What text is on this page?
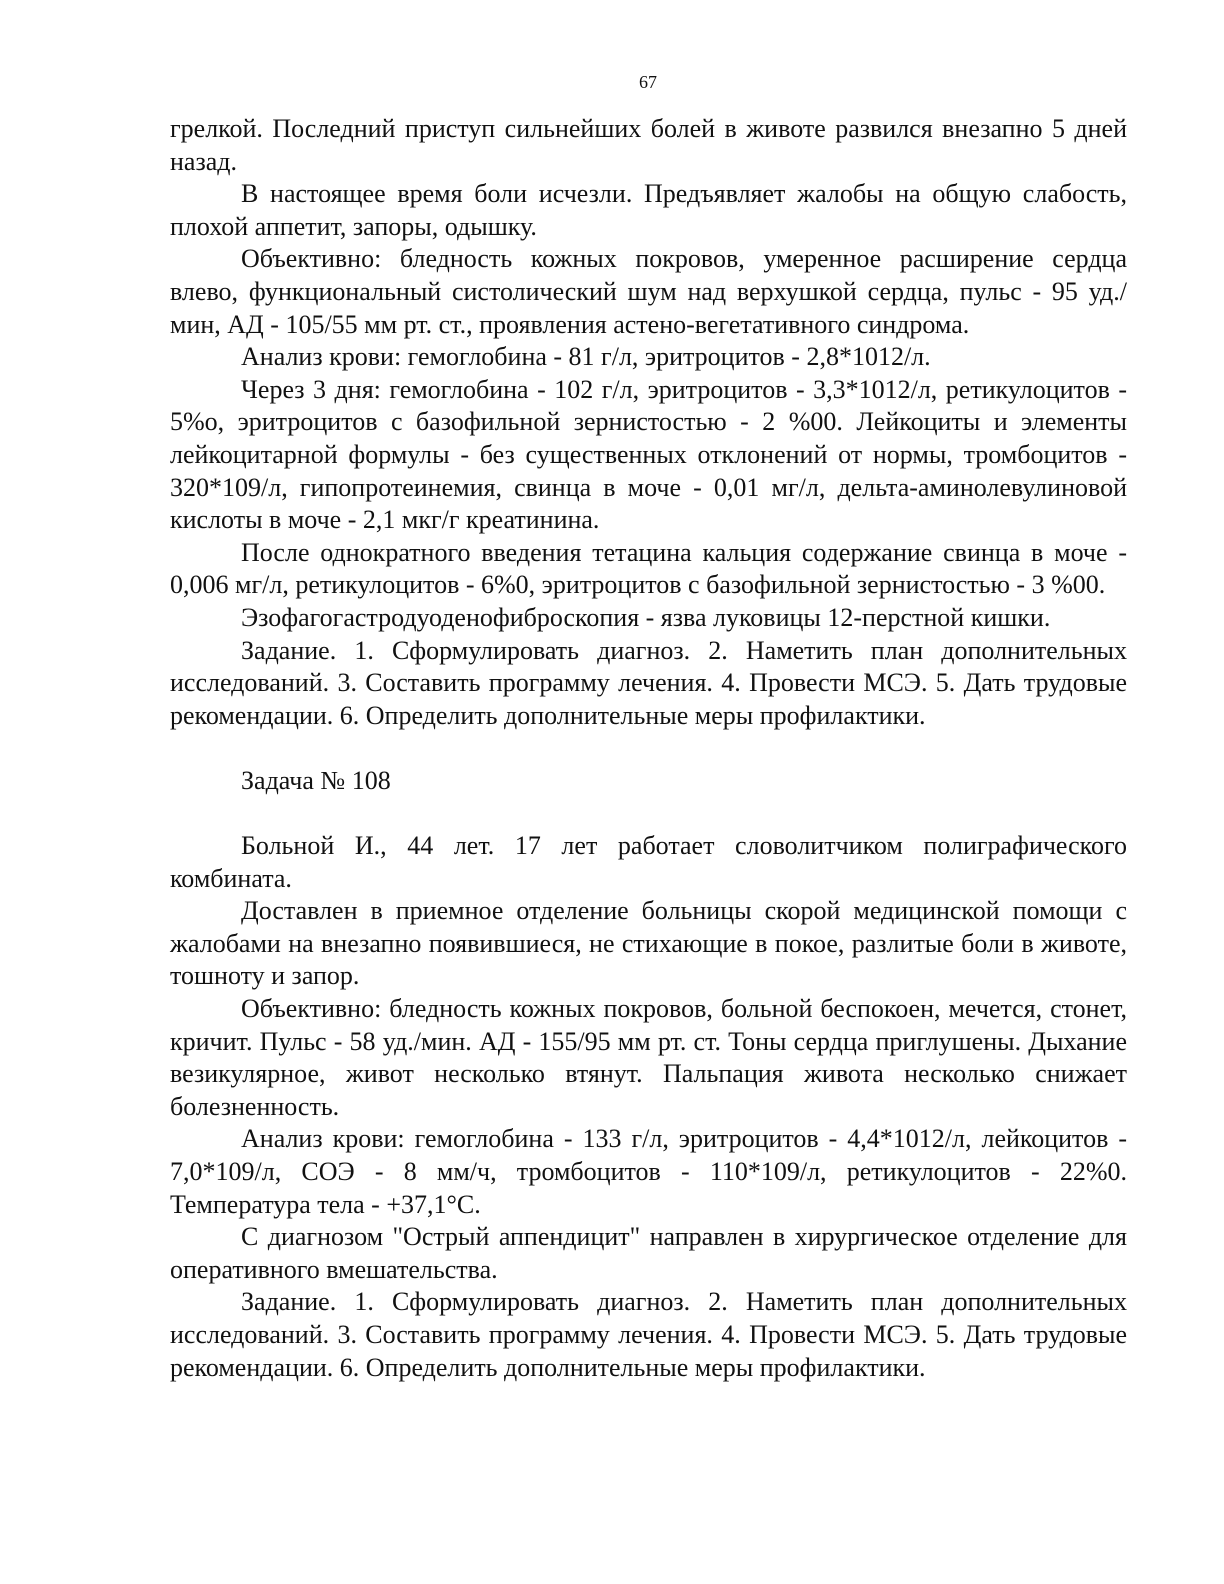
67

грелкой. Последний приступ сильнейших болей в животе развился внезапно 5 дней назад.

В настоящее время боли исчезли. Предъявляет жалобы на общую слабость, плохой аппетит, запоры, одышку.

Объективно: бледность кожных покровов, умеренное расширение сердца влево, функциональный систолический шум над верхушкой сердца, пульс - 95 уд./мин, АД - 105/55 мм рт. ст., проявления астено-вегетативного синдрома.

Анализ крови: гемоглобина - 81 г/л, эритроцитов - 2,8*1012/л.

Через 3 дня: гемоглобина - 102 г/л, эритроцитов - 3,3*1012/л, ретикулоцитов - 5%о, эритроцитов с базофильной зернистостью - 2 %00. Лейкоциты и элементы лейкоцитарной формулы - без существенных отклонений от нормы, тромбоцитов - 320*109/л, гипопротеинемия, свинца в моче - 0,01 мг/л, дельта-аминолевулиновой кислоты в моче - 2,1 мкг/г креатинина.

После однократного введения тетацина кальция содержание свинца в моче - 0,006 мг/л, ретикулоцитов - 6%0, эритроцитов с базофильной зернистостью - 3 %00.

Эзофагогастродуоденофиброскопия - язва луковицы 12-перстной кишки.

Задание. 1. Сформулировать диагноз. 2. Наметить план дополнительных исследований. 3. Составить программу лечения. 4. Провести МСЭ. 5. Дать трудовые рекомендации. 6. Определить дополнительные меры профилактики.

Задача № 108

Больной И., 44 лет. 17 лет работает словолитчиком полиграфического комбината.

Доставлен в приемное отделение больницы скорой медицинской помощи с жалобами на внезапно появившиеся, не стихающие в покое, разлитые боли в животе, тошноту и запор.

Объективно: бледность кожных покровов, больной беспокоен, мечется, стонет, кричит. Пульс - 58 уд./мин. АД - 155/95 мм рт. ст. Тоны сердца приглушены. Дыхание везикулярное, живот несколько втянут. Пальпация живота несколько снижает болезненность.

Анализ крови: гемоглобина - 133 г/л, эритроцитов - 4,4*1012/л, лейкоцитов - 7,0*109/л, СОЭ - 8 мм/ч, тромбоцитов - 110*109/л, ретикулоцитов - 22%0. Температура тела - +37,1°С.

С диагнозом "Острый аппендицит" направлен в хирургическое отделение для оперативного вмешательства.

Задание. 1. Сформулировать диагноз. 2. Наметить план дополнительных исследований. 3. Составить программу лечения. 4. Провести МСЭ. 5. Дать трудовые рекомендации. 6. Определить дополнительные меры профилактики.
